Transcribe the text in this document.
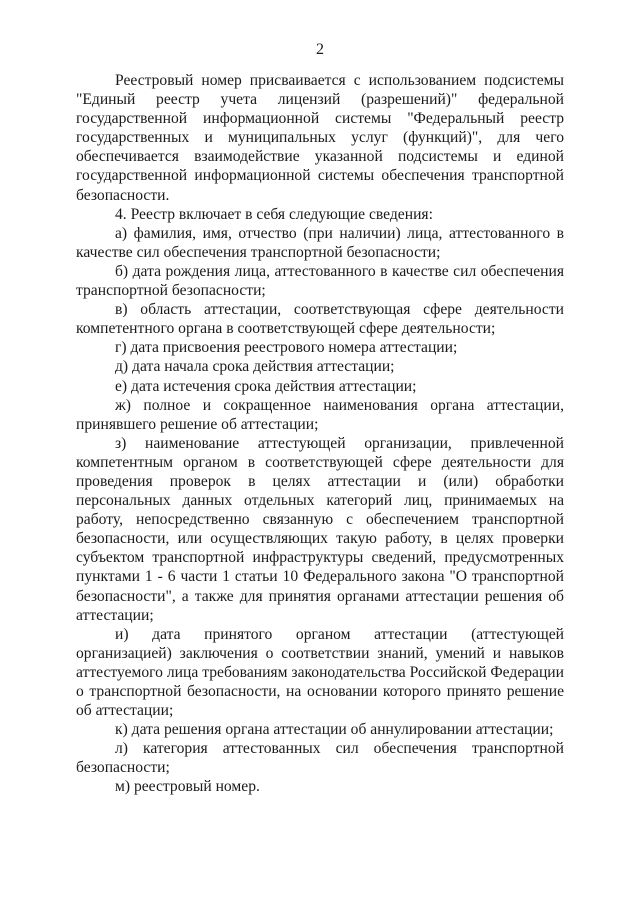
2

Реестровый номер присваивается с использованием подсистемы "Единый реестр учета лицензий (разрешений)" федеральной государственной информационной системы "Федеральный реестр государственных и муниципальных услуг (функций)", для чего обеспечивается взаимодействие указанной подсистемы и единой государственной информационной системы обеспечения транспортной безопасности.

4. Реестр включает в себя следующие сведения:

а) фамилия, имя, отчество (при наличии) лица, аттестованного в качестве сил обеспечения транспортной безопасности;

б) дата рождения лица, аттестованного в качестве сил обеспечения транспортной безопасности;

в) область аттестации, соответствующая сфере деятельности компетентного органа в соответствующей сфере деятельности;

г) дата присвоения реестрового номера аттестации;

д) дата начала срока действия аттестации;

е) дата истечения срока действия аттестации;

ж) полное и сокращенное наименования органа аттестации, принявшего решение об аттестации;

з) наименование аттестующей организации, привлеченной компетентным органом в соответствующей сфере деятельности для проведения проверок в целях аттестации и (или) обработки персональных данных отдельных категорий лиц, принимаемых на работу, непосредственно связанную с обеспечением транспортной безопасности, или осуществляющих такую работу, в целях проверки субъектом транспортной инфраструктуры сведений, предусмотренных пунктами 1 - 6 части 1 статьи 10 Федерального закона "О транспортной безопасности", а также для принятия органами аттестации решения об аттестации;

и) дата принятого органом аттестации (аттестующей организацией) заключения о соответствии знаний, умений и навыков аттестуемого лица требованиям законодательства Российской Федерации о транспортной безопасности, на основании которого принято решение об аттестации;

к) дата решения органа аттестации об аннулировании аттестации;

л) категория аттестованных сил обеспечения транспортной безопасности;

м) реестровый номер.
